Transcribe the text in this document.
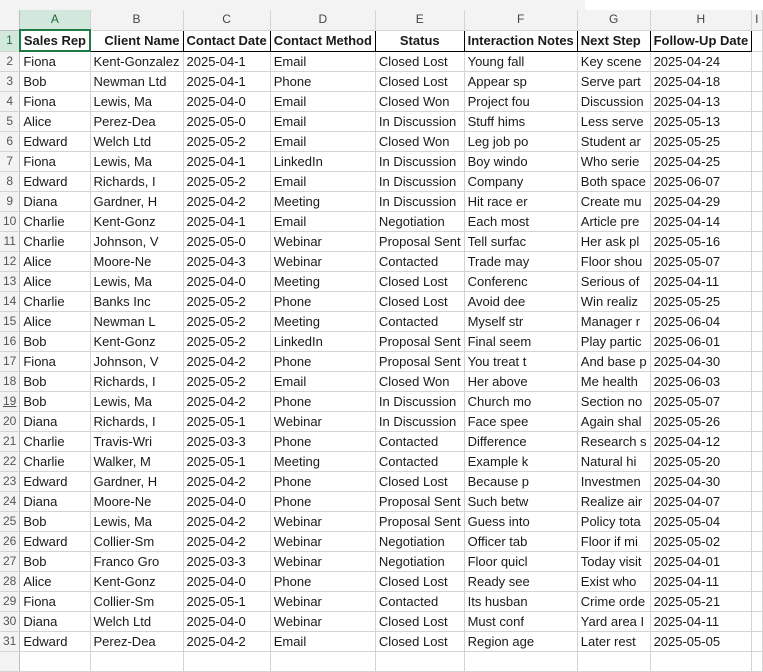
	A	B	C	D	E	F	G	H	I
1	Sales Rep	Client Name	Contact Date	Contact Method	Status	Interaction Notes	Next Step	Follow-Up Date	
2	Fiona	Kent-Gonzalez	2025-04-1	Email	Closed Lost	Young fall	Key scene	2025-04-24	
3	Bob	Newman Ltd	2025-04-1	Phone	Closed Lost	Appear sp	Serve part	2025-04-18	
4	Fiona	Lewis, Ma	2025-04-0	Email	Closed Won	Project fou	Discussion	2025-04-13	
5	Alice	Perez-Dea	2025-05-0	Email	In Discussion	Stuff hims	Less serve	2025-05-13	
6	Edward	Welch Ltd	2025-05-2	Email	Closed Won	Leg job po	Student ar	2025-05-25	
7	Fiona	Lewis, Ma	2025-04-1	LinkedIn	In Discussion	Boy windo	Who serie	2025-04-25	
8	Edward	Richards, I	2025-05-2	Email	In Discussion	Company	Both space	2025-06-07	
9	Diana	Gardner, H	2025-04-2	Meeting	In Discussion	Hit race er	Create mu	2025-04-29	
10	Charlie	Kent-Gonz	2025-04-1	Email	Negotiation	Each most	Article pre	2025-04-14	
11	Charlie	Johnson, V	2025-05-0	Webinar	Proposal Sent	Tell surfac	Her ask pl	2025-05-16	
12	Alice	Moore-Ne	2025-04-3	Webinar	Contacted	Trade may	Floor shou	2025-05-07	
13	Alice	Lewis, Ma	2025-04-0	Meeting	Closed Lost	Conferenc	Serious of	2025-04-11	
14	Charlie	Banks Inc	2025-05-2	Phone	Closed Lost	Avoid dee	Win realiz	2025-05-25	
15	Alice	Newman L	2025-05-2	Meeting	Contacted	Myself str	Manager r	2025-06-04	
16	Bob	Kent-Gonz	2025-05-2	LinkedIn	Proposal Sent	Final seem	Play partic	2025-06-01	
17	Fiona	Johnson, V	2025-04-2	Phone	Proposal Sent	You treat t	And base p	2025-04-30	
18	Bob	Richards, I	2025-05-2	Email	Closed Won	Her above	Me health	2025-06-03	
19	Bob	Lewis, Ma	2025-04-2	Phone	In Discussion	Church mo	Section no	2025-05-07	
20	Diana	Richards, I	2025-05-1	Webinar	In Discussion	Face spee	Again shal	2025-05-26	
21	Charlie	Travis-Wri	2025-03-3	Phone	Contacted	Difference	Research s	2025-04-12	
22	Charlie	Walker, M	2025-05-1	Meeting	Contacted	Example k	Natural hi	2025-05-20	
23	Edward	Gardner, H	2025-04-2	Phone	Closed Lost	Because p	Investmen	2025-04-30	
24	Diana	Moore-Ne	2025-04-0	Phone	Proposal Sent	Such betw	Realize air	2025-04-07	
25	Bob	Lewis, Ma	2025-04-2	Webinar	Proposal Sent	Guess into	Policy tota	2025-05-04	
26	Edward	Collier-Sm	2025-04-2	Webinar	Negotiation	Officer tab	Floor if mi	2025-05-02	
27	Bob	Franco Gro	2025-03-3	Webinar	Negotiation	Floor quicl	Today visit	2025-04-01	
28	Alice	Kent-Gonz	2025-04-0	Phone	Closed Lost	Ready see	Exist who	2025-04-11	
29	Fiona	Collier-Sm	2025-05-1	Webinar	Contacted	Its husban	Crime orde	2025-05-21	
30	Diana	Welch Ltd	2025-04-0	Webinar	Closed Lost	Must conf	Yard area I	2025-04-11	
31	Edward	Perez-Dea	2025-04-2	Email	Closed Lost	Region age	Later rest	2025-05-05	
